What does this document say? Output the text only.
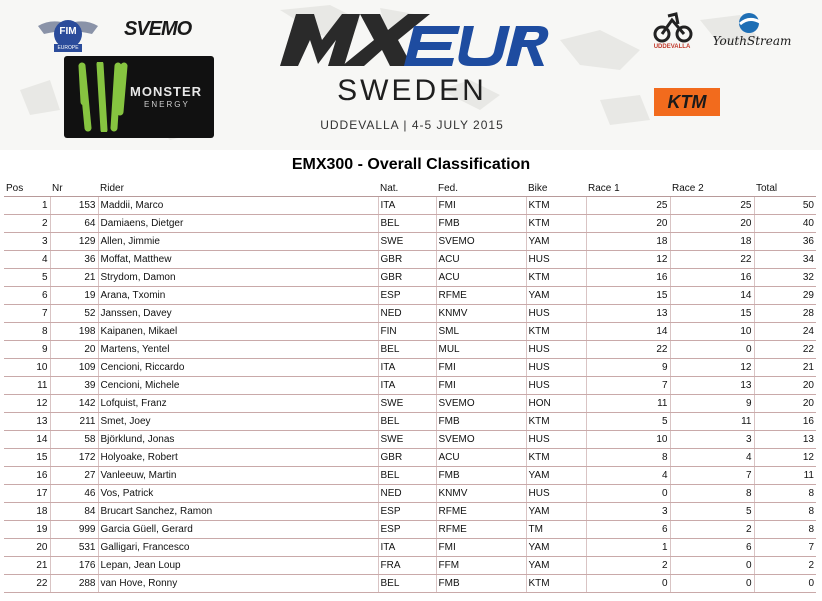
FIM
EUROPE
SVEMO
MONSTER
ENERGY	SWEDEN
UDDEVALLA | 4-5 JULY 2015
UDDEVALLA	YouthStream
KTM
EMX300 - Overall Classification
Pos	Nr	Rider	Nat.	Fed.	Bike	Race 1	Race 2	Total
1	153	Maddii, Marco	ITA	FMI	KTM	25	25	50
2	64	Damiaens, Dietger	BEL	FMB	KTM	20	20	40
3	129	Allen, Jimmie	SWE	SVEMO	YAM	18	18	36
4	36	Moffat, Matthew	GBR	ACU	HUS	12	22	34
5	21	Strydom, Damon	GBR	ACU	KTM	16	16	32
6	19	Arana, Txomin	ESP	RFME	YAM	15	14	29
7	52	Janssen, Davey	NED	KNMV	HUS	13	15	28
8	198	Kaipanen, Mikael	FIN	SML	KTM	14	10	24
9	20	Martens, Yentel	BEL	MUL	HUS	22	0	22
10	109	Cencioni, Riccardo	ITA	FMI	HUS	9	12	21
11	39	Cencioni, Michele	ITA	FMI	HUS	7	13	20
12	142	Lofquist, Franz	SWE	SVEMO	HON	11	9	20
13	211	Smet, Joey	BEL	FMB	KTM	5	11	16
14	58	Björklund, Jonas	SWE	SVEMO	HUS	10	3	13
15	172	Holyoake, Robert	GBR	ACU	KTM	8	4	12
16	27	Vanleeuw, Martin	BEL	FMB	YAM	4	7	11
17	46	Vos, Patrick	NED	KNMV	HUS	0	8	8
18	84	Brucart Sanchez, Ramon	ESP	RFME	YAM	3	5	8
19	999	Garcia Güell, Gerard	ESP	RFME	TM	6	2	8
20	531	Galligari, Francesco	ITA	FMI	YAM	1	6	7
21	176	Lepan, Jean Loup	FRA	FFM	YAM	2	0	2
22	288	van Hove, Ronny	BEL	FMB	KTM	0	0	0
